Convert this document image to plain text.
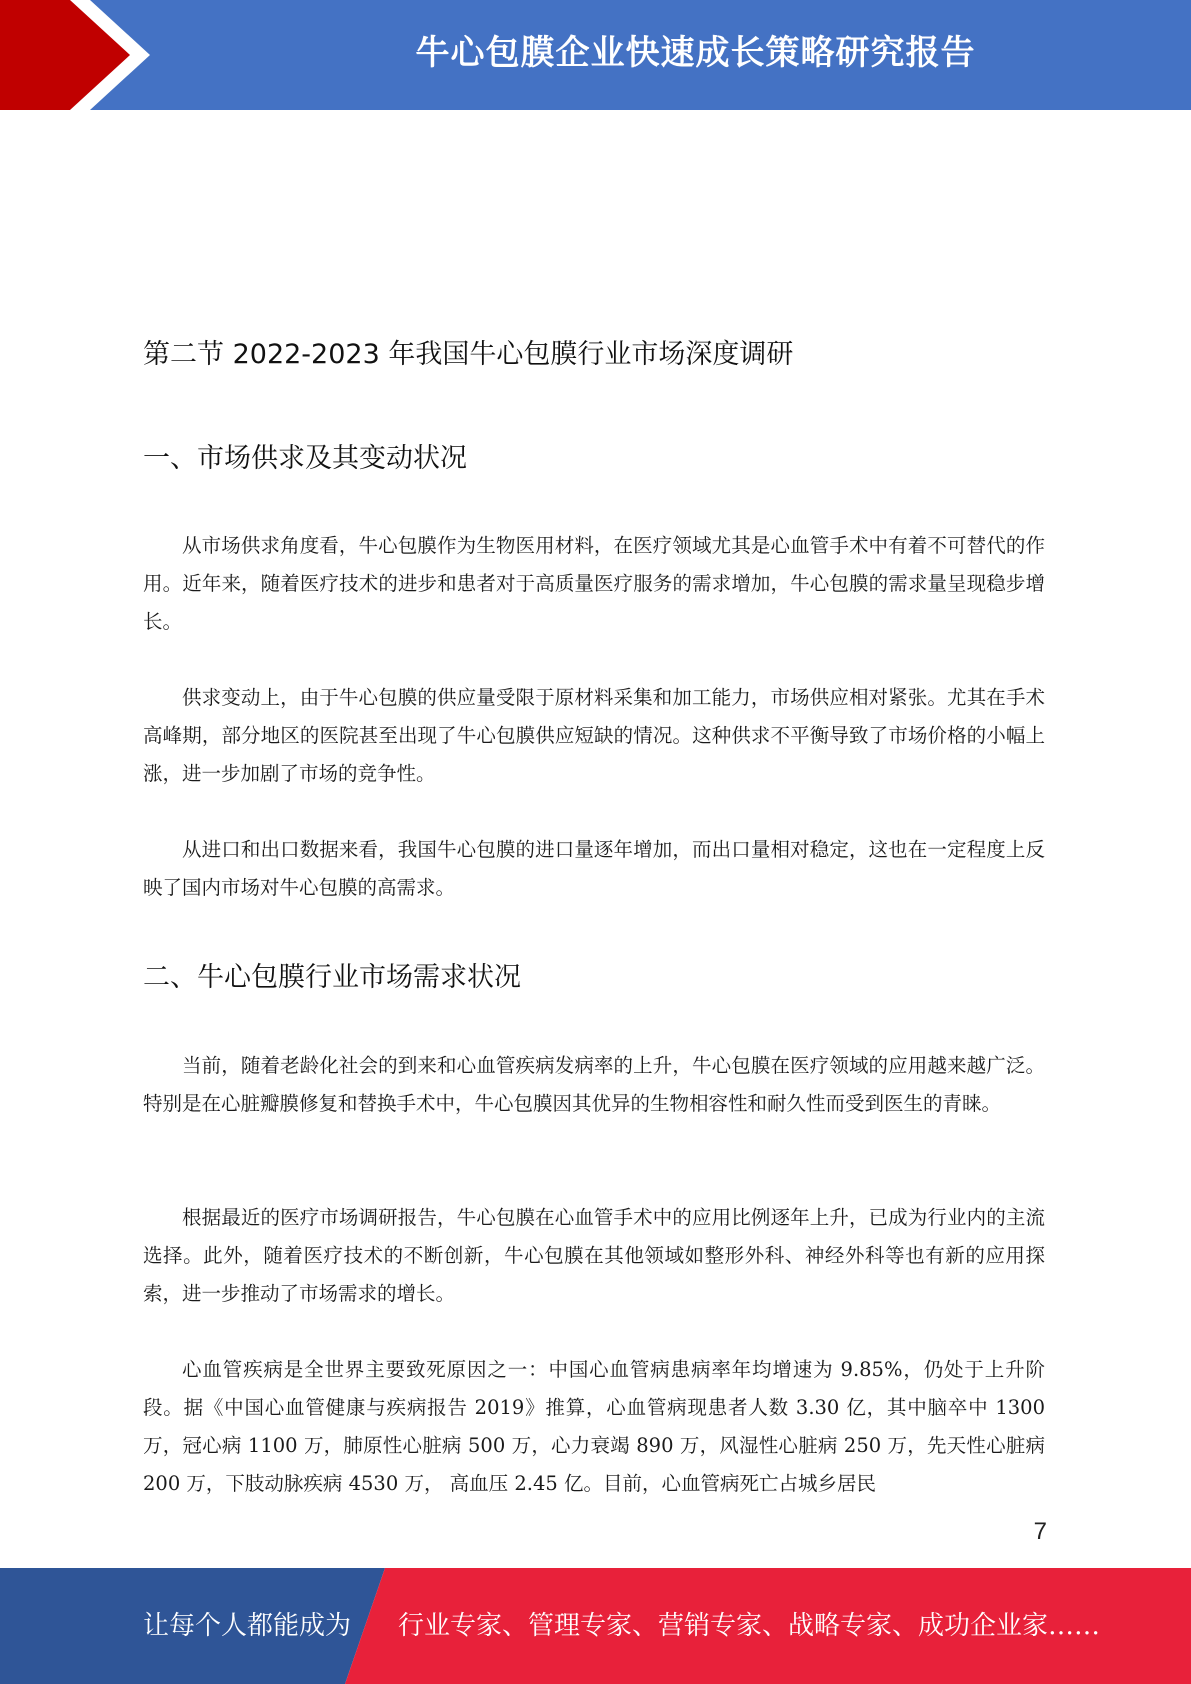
牛心包膜企业快速成长策略研究报告
第二节 2022-2023 年我国牛心包膜行业市场深度调研
一、市场供求及其变动状况
从市场供求角度看，牛心包膜作为生物医用材料，在医疗领域尤其是心血管手术中有着不可替代的作用。近年来，随着医疗技术的进步和患者对于高质量医疗服务的需求增加，牛心包膜的需求量呈现稳步增长。
供求变动上，由于牛心包膜的供应量受限于原材料采集和加工能力，市场供应相对紧张。尤其在手术高峰期，部分地区的医院甚至出现了牛心包膜供应短缺的情况。这种供求不平衡导致了市场价格的小幅上涨，进一步加剧了市场的竞争性。
从进口和出口数据来看，我国牛心包膜的进口量逐年增加，而出口量相对稳定，这也在一定程度上反映了国内市场对牛心包膜的高需求。
二、牛心包膜行业市场需求状况
当前，随着老龄化社会的到来和心血管疾病发病率的上升，牛心包膜在医疗领域的应用越来越广泛。特别是在心脏瓣膜修复和替换手术中，牛心包膜因其优异的生物相容性和耐久性而受到医生的青睐。
根据最近的医疗市场调研报告，牛心包膜在心血管手术中的应用比例逐年上升，已成为行业内的主流选择。此外，随着医疗技术的不断创新，牛心包膜在其他领域如整形外科、神经外科等也有新的应用探索，进一步推动了市场需求的增长。
心血管疾病是全世界主要致死原因之一：中国心血管病患病率年均增速为 9.85%，仍处于上升阶段。据《中国心血管健康与疾病报告 2019》推算，心血管病现患者人数 3.30 亿，其中脑卒中 1300 万，冠心病 1100 万，肺原性心脏病 500 万，心力衰竭 890 万，风湿性心脏病 250 万，先天性心脏病 200 万，下肢动脉疾病 4530 万， 高血压 2.45 亿。目前，心血管病死亡占城乡居民
7
让每个人都能成为 行业专家、管理专家、营销专家、战略专家、成功企业家……
